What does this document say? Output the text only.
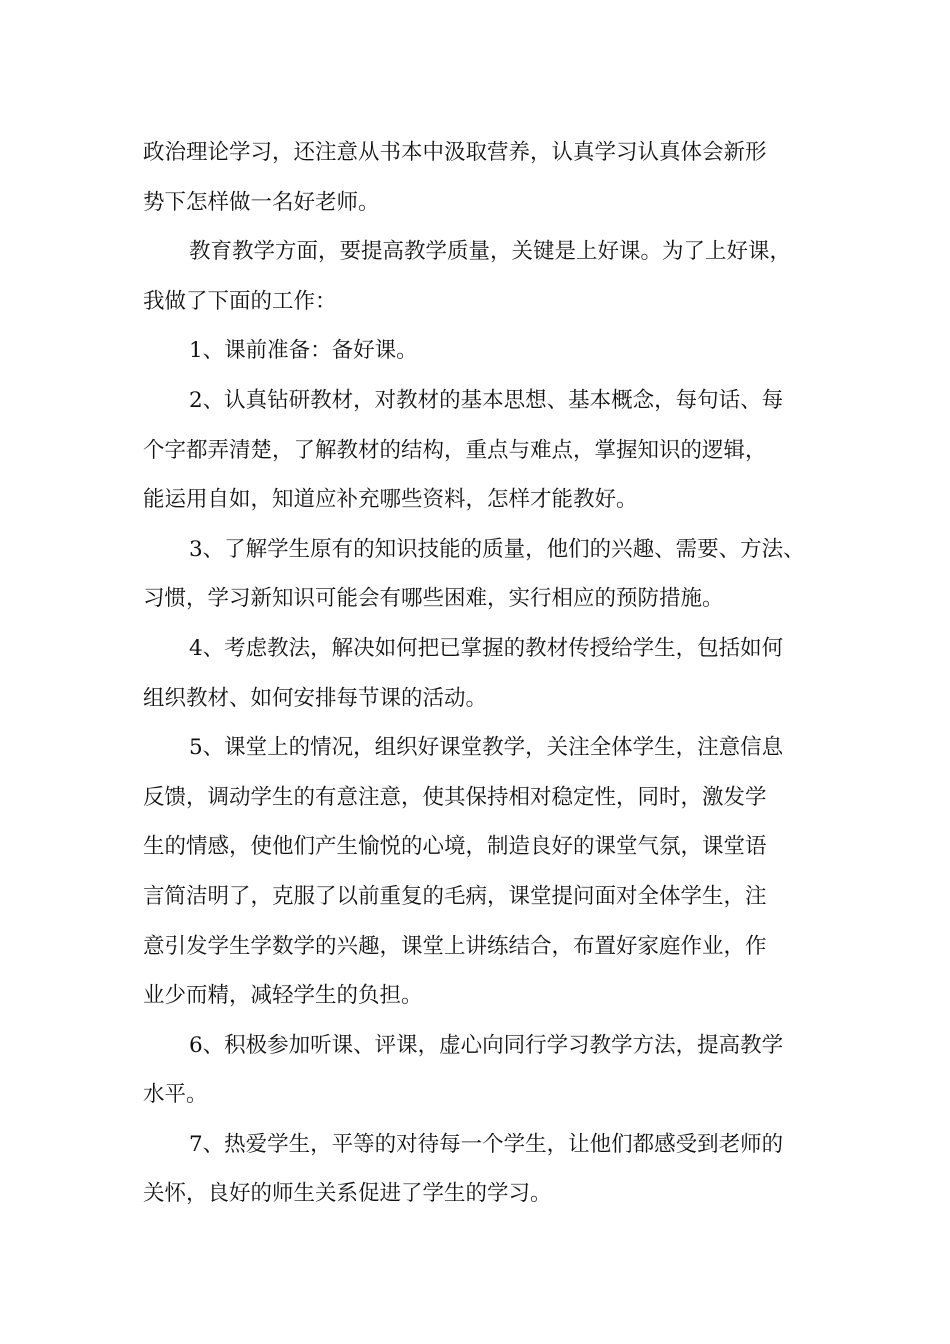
政治理论学习，还注意从书本中汲取营养，认真学习认真体会新形
势下怎样做一名好老师。
教育教学方面，要提高教学质量，关键是上好课。为了上好课，
我做了下面的工作：
1、课前准备：备好课。
2、认真钻研教材，对教材的基本思想、基本概念，每句话、每
个字都弄清楚，了解教材的结构，重点与难点，掌握知识的逻辑，
能运用自如，知道应补充哪些资料，怎样才能教好。
3、了解学生原有的知识技能的质量，他们的兴趣、需要、方法、
习惯，学习新知识可能会有哪些困难，实行相应的预防措施。
4、考虑教法，解决如何把已掌握的教材传授给学生，包括如何
组织教材、如何安排每节课的活动。
5、课堂上的情况，组织好课堂教学，关注全体学生，注意信息
反馈，调动学生的有意注意，使其保持相对稳定性，同时，激发学
生的情感，使他们产生愉悦的心境，制造良好的课堂气氛，课堂语
言简洁明了，克服了以前重复的毛病，课堂提问面对全体学生，注
意引发学生学数学的兴趣，课堂上讲练结合，布置好家庭作业，作
业少而精，减轻学生的负担。
6、积极参加听课、评课，虚心向同行学习教学方法，提高教学
水平。
7、热爱学生，平等的对待每一个学生，让他们都感受到老师的
关怀，良好的师生关系促进了学生的学习。
